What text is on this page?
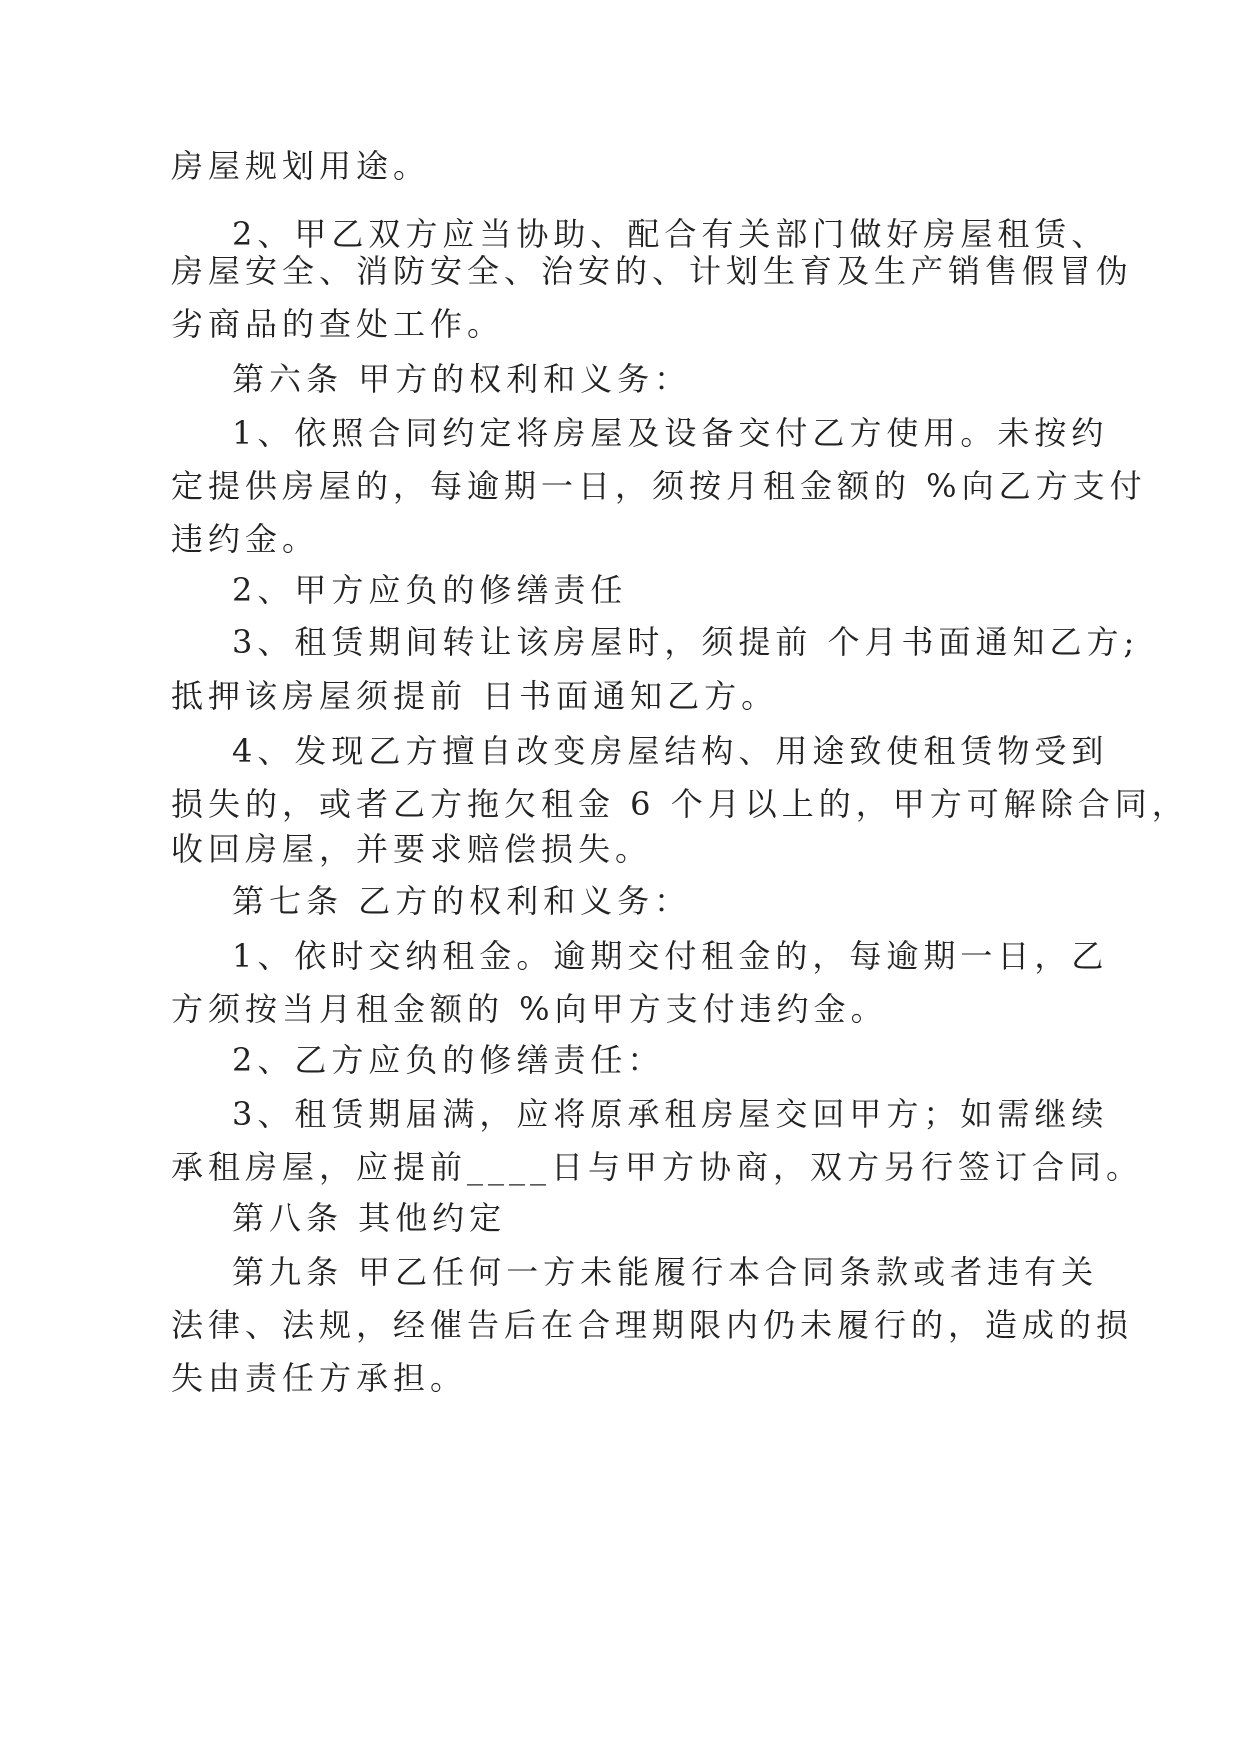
房屋规划用途。
2、甲乙双方应当协助、配合有关部门做好房屋租赁、
房屋安全、消防安全、治安的、计划生育及生产销售假冒伪
劣商品的查处工作。
第六条 甲方的权利和义务：
1、依照合同约定将房屋及设备交付乙方使用。未按约
定提供房屋的，每逾期一日，须按月租金额的 %向乙方支付
违约金。
2、甲方应负的修缮责任
3、租赁期间转让该房屋时，须提前 个月书面通知乙方;
抵押该房屋须提前 日书面通知乙方。
4、发现乙方擅自改变房屋结构、用途致使租赁物受到
损失的，或者乙方拖欠租金 6 个月以上的，甲方可解除合同，
收回房屋，并要求赔偿损失。
第七条 乙方的权利和义务：
1、依时交纳租金。逾期交付租金的，每逾期一日，乙
方须按当月租金额的 %向甲方支付违约金。
2、乙方应负的修缮责任：
3、租赁期届满，应将原承租房屋交回甲方；如需继续
承租房屋，应提前____日与甲方协商，双方另行签订合同。
第八条 其他约定
第九条 甲乙任何一方未能履行本合同条款或者违有关
法律、法规，经催告后在合理期限内仍未履行的，造成的损
失由责任方承担。
